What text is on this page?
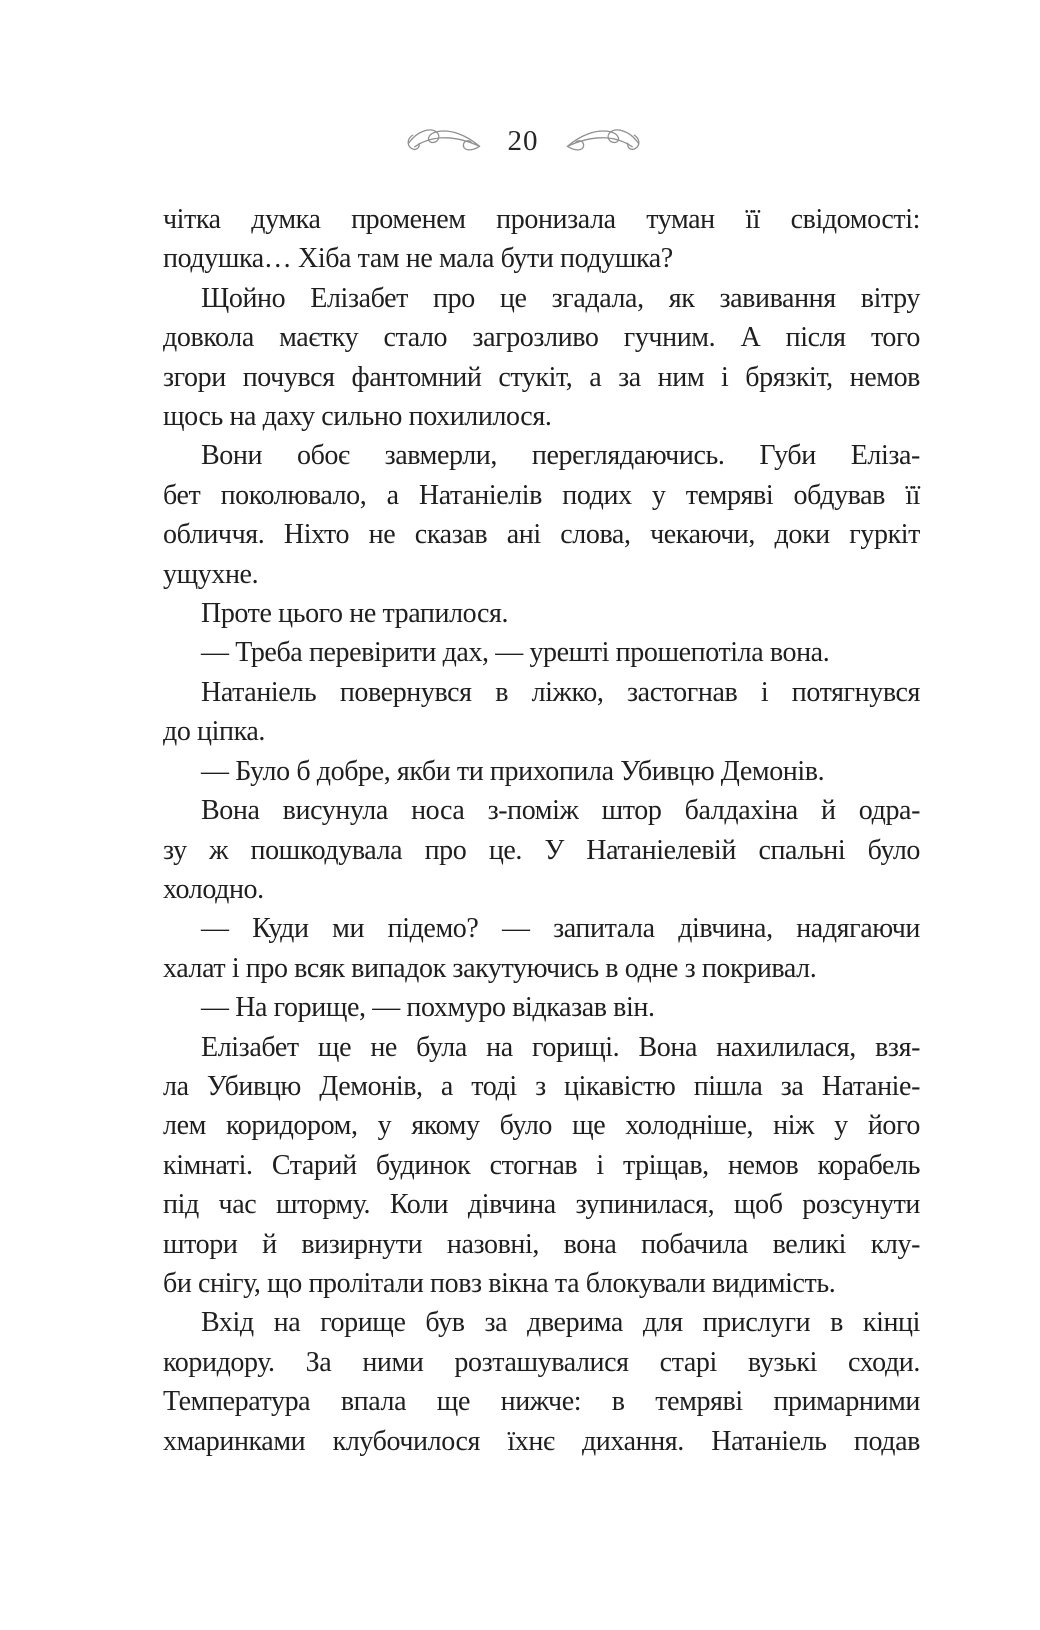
20
чітка думка променем пронизала туман її свідомості:
подушка… Хіба там не мала бути подушка?
Щойно Елізабет про це згадала, як завивання вітру
довкола маєтку стало загрозливо гучним. А після того
згори почувся фантомний стукіт, а за ним і брязкіт, немов
щось на даху сильно похилилося.
Вони обоє завмерли, переглядаючись. Губи Еліза-
бет поколювало, а Натаніелів подих у темряві обдував її
обличчя. Ніхто не сказав ані слова, чекаючи, доки гуркіт
ущухне.
Проте цього не трапилося.
— Треба перевірити дах, — урешті прошепотіла вона.
Натаніель повернувся в ліжко, застогнав і потягнувся
до ціпка.
— Було б добре, якби ти прихопила Убивцю Демонів.
Вона висунула носа з-поміж штор балдахіна й одра-
зу ж пошкодувала про це. У Натаніелевій спальні було
холодно.
— Куди ми підемо? — запитала дівчина, надягаючи
халат і про всяк випадок закутуючись в одне з покривал.
— На горище, — похмуро відказав він.
Елізабет ще не була на горищі. Вона нахилилася, взя-
ла Убивцю Демонів, а тоді з цікавістю пішла за Натаніе-
лем коридором, у якому було ще холодніше, ніж у його
кімнаті. Старий будинок стогнав і тріщав, немов корабель
під час шторму. Коли дівчина зупинилася, щоб розсунути
штори й визирнути назовні, вона побачила великі клу-
би снігу, що пролітали повз вікна та блокували видимість.
Вхід на горище був за дверима для прислуги в кінці
коридору. За ними розташувалися старі вузькі сходи.
Температура впала ще нижче: в темряві примарними
хмаринками клубочилося їхнє дихання. Натаніель подав
